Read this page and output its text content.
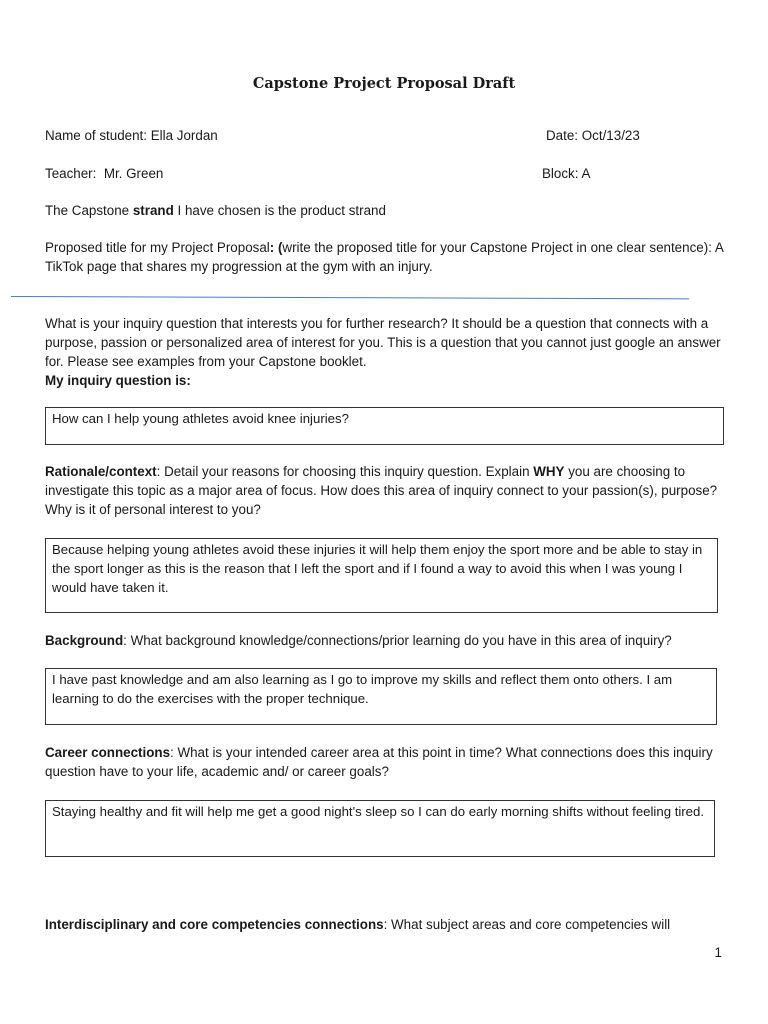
Capstone Project Proposal Draft
Name of student: Ella Jordan	Date: Oct/13/23
Teacher: Mr. Green	Block: A
The Capstone strand I have chosen is the product strand
Proposed title for my Project Proposal: (write the proposed title for your Capstone Project in one clear sentence): A TikTok page that shares my progression at the gym with an injury.
What is your inquiry question that interests you for further research? It should be a question that connects with a purpose, passion or personalized area of interest for you. This is a question that you cannot just google an answer for. Please see examples from your Capstone booklet.
My inquiry question is:
How can I help young athletes avoid knee injuries?
Rationale/context: Detail your reasons for choosing this inquiry question. Explain WHY you are choosing to investigate this topic as a major area of focus. How does this area of inquiry connect to your passion(s), purpose? Why is it of personal interest to you?
Because helping young athletes avoid these injuries it will help them enjoy the sport more and be able to stay in the sport longer as this is the reason that I left the sport and if I found a way to avoid this when I was young I would have taken it.
Background: What background knowledge/connections/prior learning do you have in this area of inquiry?
I have past knowledge and am also learning as I go to improve my skills and reflect them onto others. I am learning to do the exercises with the proper technique.
Career connections: What is your intended career area at this point in time? What connections does this inquiry question have to your life, academic and/ or career goals?
Staying healthy and fit will help me get a good night's sleep so I can do early morning shifts without feeling tired.
Interdisciplinary and core competencies connections: What subject areas and core competencies will
1
